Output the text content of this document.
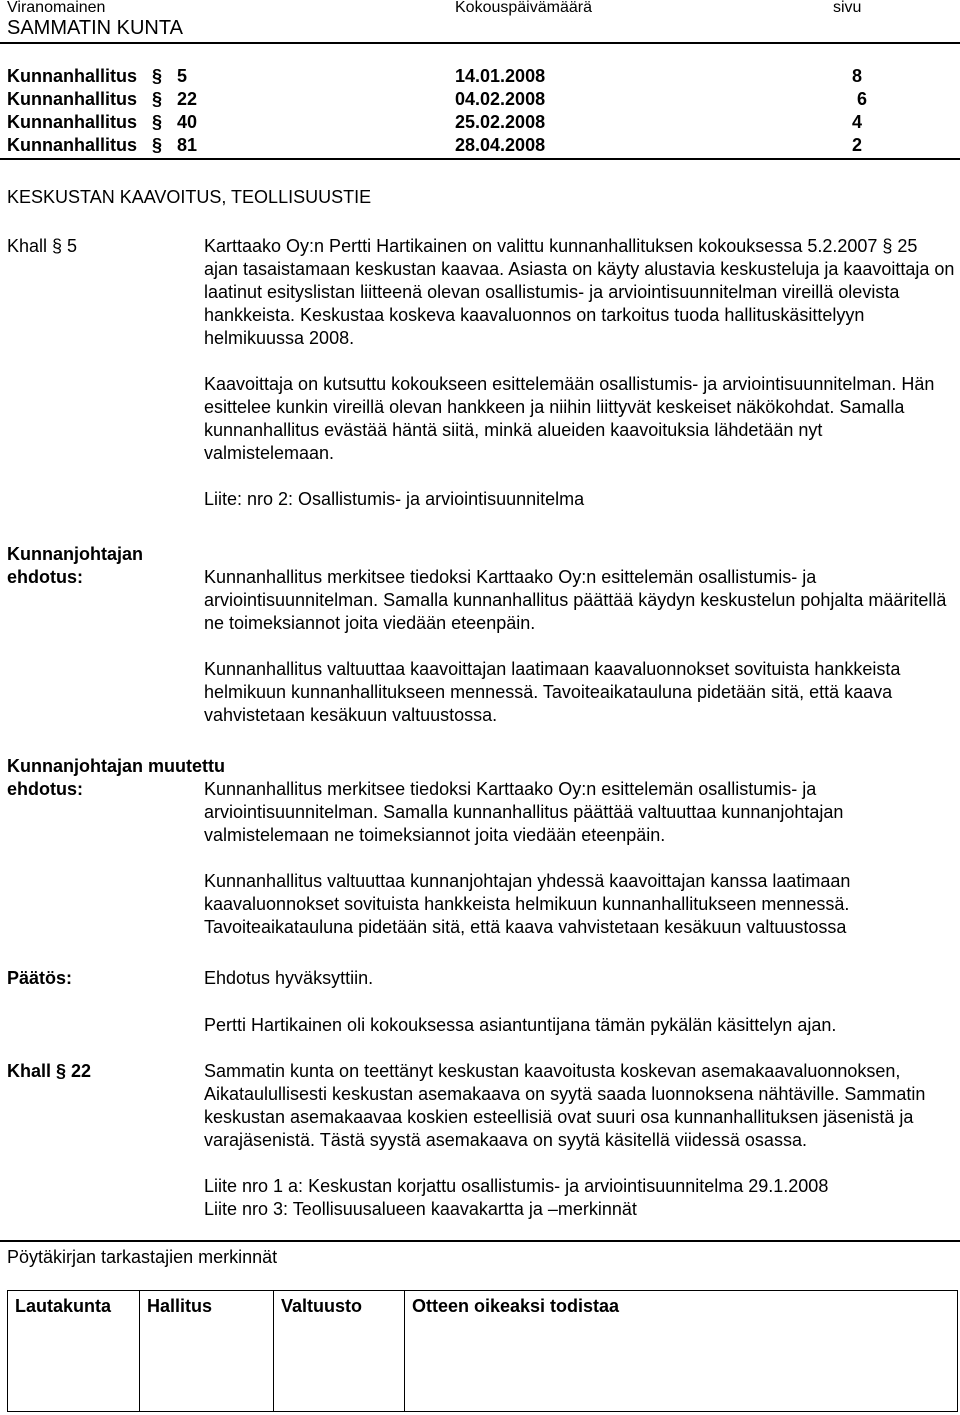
Viranomainen	Kokouspäivämäärä	sivu
SAMMATIN KUNTA
Kunnanhallitus § 5	14.01.2008	8
Kunnanhallitus § 22	04.02.2008	6
Kunnanhallitus § 40	25.02.2008	4
Kunnanhallitus § 81	28.04.2008	2
KESKUSTAN KAAVOITUS, TEOLLISUUSTIE
Khall § 5	Karttaako Oy:n Pertti Hartikainen on valittu kunnanhallituksen kokouksessa 5.2.2007 § 25 ajan tasaistamaan keskustan kaavaa. Asiasta on käyty alustavia keskusteluja ja kaavoittaja on laatinut esityslistan liitteenä olevan osallistumis- ja arviointisuunnitelman vireillä olevista hankkeista. Keskustaa koskeva kaavaluonnos on tarkoitus tuoda hallituskäsittelyyn helmikuussa 2008.

Kaavoittaja on kutsuttu kokoukseen esittelemään osallistumis- ja arviointisuunnitelman. Hän esittelee kunkin vireillä olevan hankkeen ja niihin liittyvät keskeiset näkökohdat. Samalla kunnanhallitus evästää häntä siitä, minkä alueiden kaavoituksia lähdetään nyt valmistelemaan.

Liite: nro 2: Osallistumis- ja arviointisuunnitelma

Kunnanjohtajan
ehdotus:	Kunnanhallitus merkitsee tiedoksi Karttaako Oy:n esittelemän osallistumis- ja arviointisuunnitelman. Samalla kunnanhallitus päättää käydyn keskustelun pohjalta määritellä ne toimeksiannot joita viedään eteenpäin.

Kunnanhallitus valtuuttaa kaavoittajan laatimaan kaavaluonnokset sovituista hankkeista helmikuun kunnanhallitukseen mennessä. Tavoiteaikatauluna pidetään sitä, että kaava vahvistetaan kesäkuun valtuustossa.

Kunnanjohtajan muutettu
ehdotus:	Kunnanhallitus merkitsee tiedoksi Karttaako Oy:n esittelemän osallistumis- ja arviointisuunnitelman. Samalla kunnanhallitus päättää valtuuttaa kunnanjohtajan valmistelemaan ne toimeksiannot joita viedään eteenpäin.

Kunnanhallitus valtuuttaa kunnanjohtajan yhdessä kaavoittajan kanssa laatimaan kaavaluonnokset sovituista hankkeista helmikuun kunnanhallitukseen mennessä. Tavoiteaikatauluna pidetään sitä, että kaava vahvistetaan kesäkuun valtuustossa

Päätös:	Ehdotus hyväksyttiin.
Pertti Hartikainen oli kokouksessa asiantuntijana tämän pykälän käsittelyn ajan.
Khall § 22	Sammatin kunta on teettänyt keskustan kaavoitusta koskevan asemakaavaluonnoksen, Aikataulullisesti keskustan asemakaava on syytä saada luonnoksena nähtäville. Sammatin keskustan asemakaavaa koskien esteellisiä ovat suuri osa kunnanhallituksen jäsenistä ja varajäsenistä. Tästä syystä asemakaava on syytä käsitellä viidessä osassa.

Liite nro 1 a: Keskustan korjattu osallistumis- ja arviointisuunnitelma 29.1.2008

Liite nro 3: Teollisuusalueen kaavakartta ja –merkinnät

Pöytäkirjan tarkastajien merkinnät
Lautakunta	Hallitus	Valtuusto	Otteen oikeaksi todistaa
